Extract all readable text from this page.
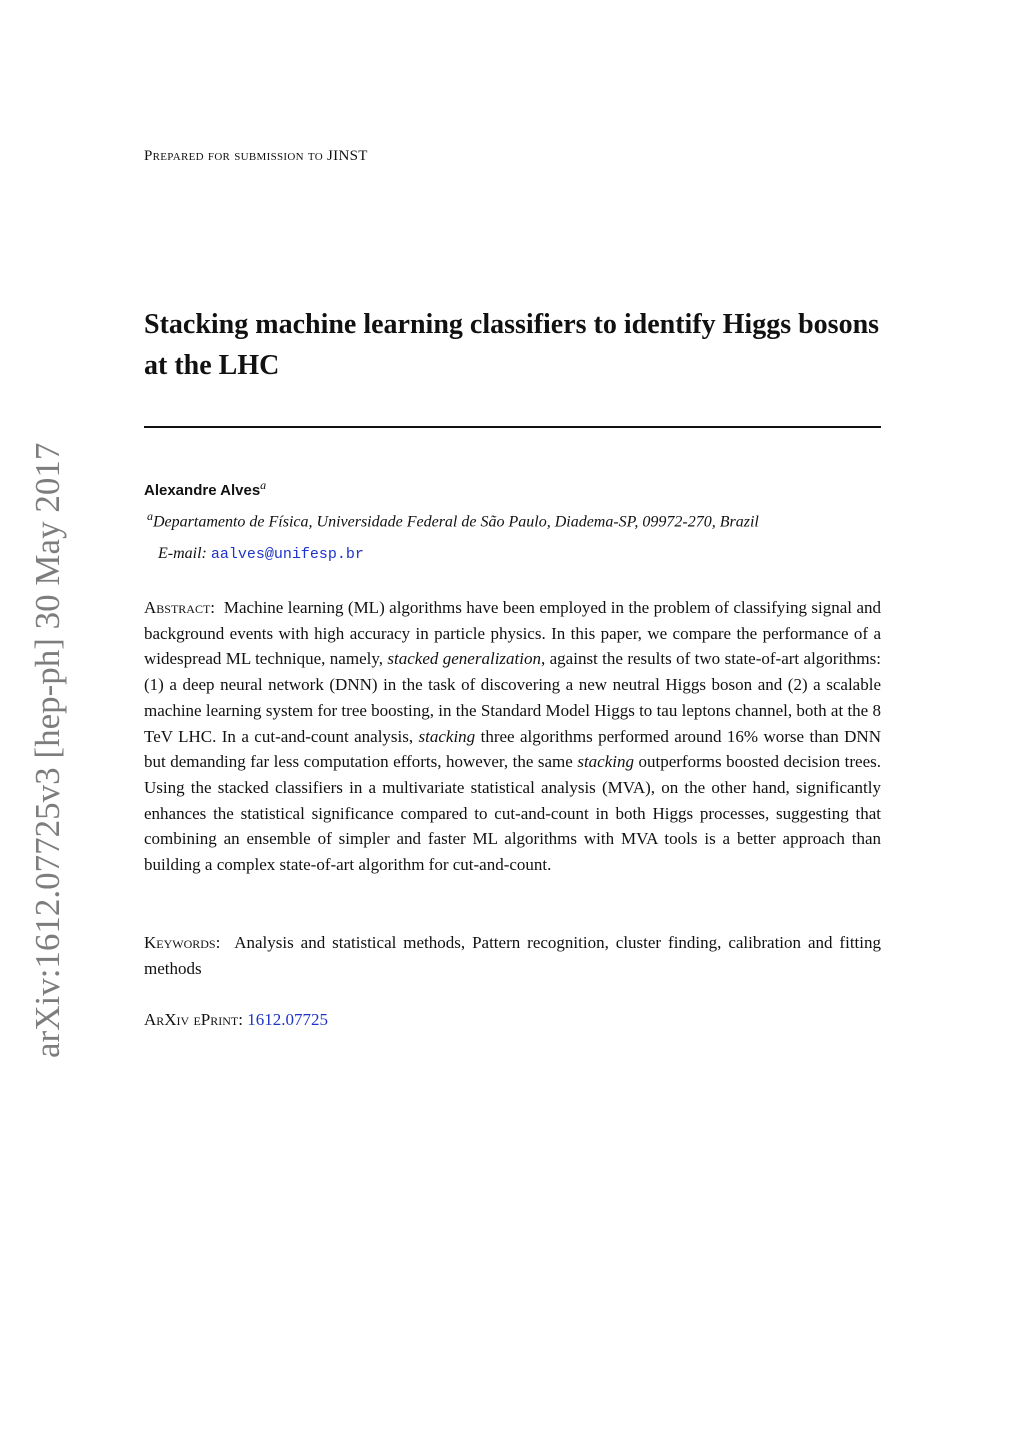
arXiv:1612.07725v3 [hep-ph] 30 May 2017
Prepared for submission to JINST
Stacking machine learning classifiers to identify Higgs bosons at the LHC
Alexandre Alves$^a$
$^a$Departamento de Física, Universidade Federal de São Paulo, Diadema-SP, 09972-270, Brazil
E-mail: aalves@unifesp.br

Abstract: Machine learning (ML) algorithms have been employed in the problem of classifying signal and background events with high accuracy in particle physics. In this paper, we compare the performance of a widespread ML technique, namely, stacked generalization, against the results of two state-of-art algorithms: (1) a deep neural network (DNN) in the task of discovering a new neutral Higgs boson and (2) a scalable machine learning system for tree boosting, in the Standard Model Higgs to tau leptons channel, both at the 8 TeV LHC. In a cut-and-count analysis, stacking three algorithms performed around 16% worse than DNN but demanding far less computation efforts, however, the same stacking outperforms boosted decision trees. Using the stacked classifiers in a multivariate statistical analysis (MVA), on the other hand, significantly enhances the statistical significance compared to cut-and-count in both Higgs processes, suggesting that combining an ensemble of simpler and faster ML algorithms with MVA tools is a better approach than building a complex state-of-art algorithm for cut-and-count.

Keywords: Analysis and statistical methods, Pattern recognition, cluster finding, calibration and fitting methods

ArXiv ePrint: 1612.07725
